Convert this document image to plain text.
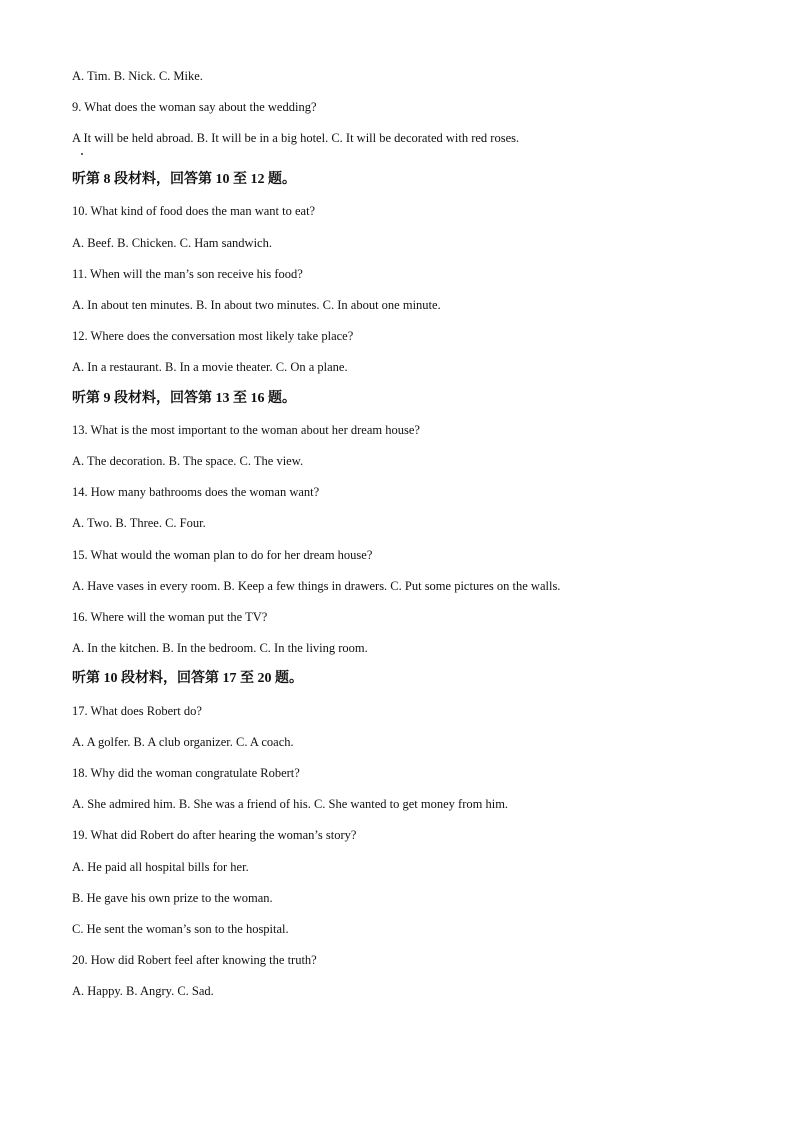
A. Tim. B. Nick. C. Mike.
9. What does the woman say about the wedding?
A It will be held abroad. B. It will be in a big hotel. C. It will be decorated with red roses.
听第 8 段材料，回答第 10 至 12 题。
10. What kind of food does the man want to eat?
A. Beef. B. Chicken. C. Ham sandwich.
11. When will the man’s son receive his food?
A. In about ten minutes. B. In about two minutes. C. In about one minute.
12. Where does the conversation most likely take place?
A. In a restaurant. B. In a movie theater. C. On a plane.
听第 9 段材料，回答第 13 至 16 题。
13. What is the most important to the woman about her dream house?
A. The decoration. B. The space. C. The view.
14. How many bathrooms does the woman want?
A. Two. B. Three. C. Four.
15. What would the woman plan to do for her dream house?
A. Have vases in every room. B. Keep a few things in drawers. C. Put some pictures on the walls.
16. Where will the woman put the TV?
A. In the kitchen. B. In the bedroom. C. In the living room.
听第 10 段材料，回答第 17 至 20 题。
17. What does Robert do?
A. A golfer. B. A club organizer. C. A coach.
18. Why did the woman congratulate Robert?
A. She admired him. B. She was a friend of his. C. She wanted to get money from him.
19. What did Robert do after hearing the woman’s story?
A. He paid all hospital bills for her.
B. He gave his own prize to the woman.
C. He sent the woman’s son to the hospital.
20. How did Robert feel after knowing the truth?
A. Happy. B. Angry. C. Sad.
